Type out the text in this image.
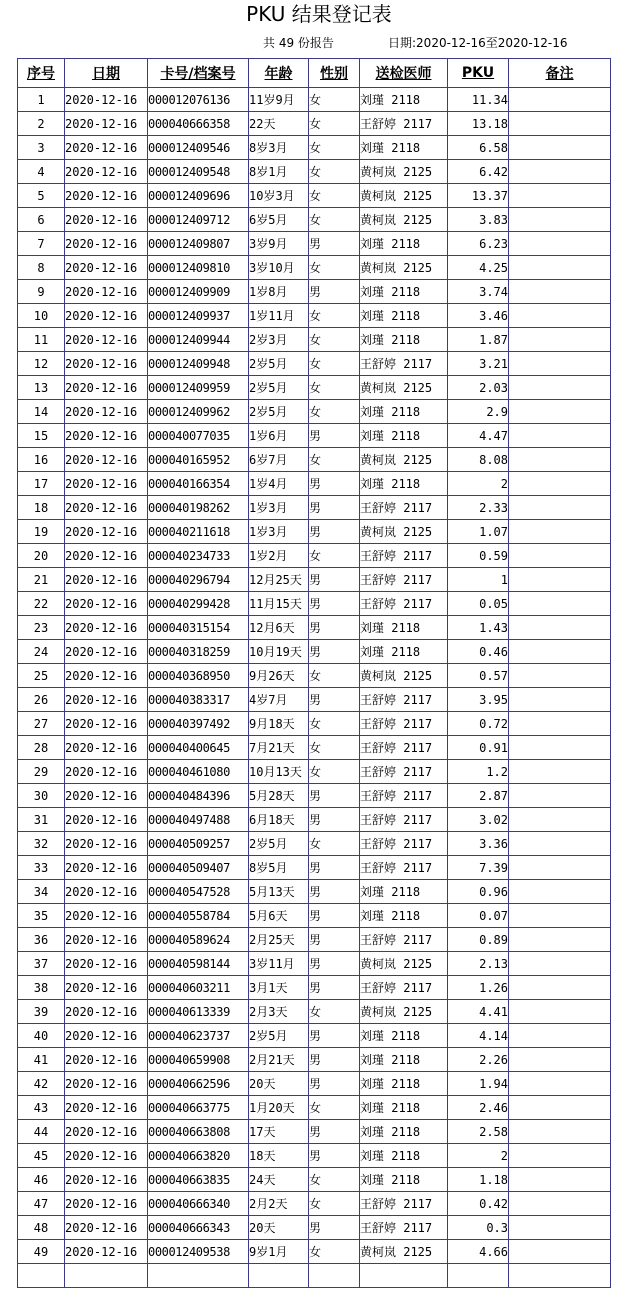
PKU 结果登记表
共 49 份报告	日期:2020-12-16至2020-12-16
序号	日期	卡号/档案号	年龄	性别	送检医师	PKU	备注
1	2020-12-16	000012076136	11岁9月	女	刘瑾 2118	11.34	
2	2020-12-16	000040666358	22天	女	王舒婷 2117	13.18	
3	2020-12-16	000012409546	8岁3月	女	刘瑾 2118	6.58	
4	2020-12-16	000012409548	8岁1月	女	黄柯岚 2125	6.42	
5	2020-12-16	000012409696	10岁3月	女	黄柯岚 2125	13.37	
6	2020-12-16	000012409712	6岁5月	女	黄柯岚 2125	3.83	
7	2020-12-16	000012409807	3岁9月	男	刘瑾 2118	6.23	
8	2020-12-16	000012409810	3岁10月	女	黄柯岚 2125	4.25	
9	2020-12-16	000012409909	1岁8月	男	刘瑾 2118	3.74	
10	2020-12-16	000012409937	1岁11月	女	刘瑾 2118	3.46	
11	2020-12-16	000012409944	2岁3月	女	刘瑾 2118	1.87	
12	2020-12-16	000012409948	2岁5月	女	王舒婷 2117	3.21	
13	2020-12-16	000012409959	2岁5月	女	黄柯岚 2125	2.03	
14	2020-12-16	000012409962	2岁5月	女	刘瑾 2118	2.9	
15	2020-12-16	000040077035	1岁6月	男	刘瑾 2118	4.47	
16	2020-12-16	000040165952	6岁7月	女	黄柯岚 2125	8.08	
17	2020-12-16	000040166354	1岁4月	男	刘瑾 2118	2	
18	2020-12-16	000040198262	1岁3月	男	王舒婷 2117	2.33	
19	2020-12-16	000040211618	1岁3月	男	黄柯岚 2125	1.07	
20	2020-12-16	000040234733	1岁2月	女	王舒婷 2117	0.59	
21	2020-12-16	000040296794	12月25天	男	王舒婷 2117	1	
22	2020-12-16	000040299428	11月15天	男	王舒婷 2117	0.05	
23	2020-12-16	000040315154	12月6天	男	刘瑾 2118	1.43	
24	2020-12-16	000040318259	10月19天	男	刘瑾 2118	0.46	
25	2020-12-16	000040368950	9月26天	女	黄柯岚 2125	0.57	
26	2020-12-16	000040383317	4岁7月	男	王舒婷 2117	3.95	
27	2020-12-16	000040397492	9月18天	女	王舒婷 2117	0.72	
28	2020-12-16	000040400645	7月21天	女	王舒婷 2117	0.91	
29	2020-12-16	000040461080	10月13天	女	王舒婷 2117	1.2	
30	2020-12-16	000040484396	5月28天	男	王舒婷 2117	2.87	
31	2020-12-16	000040497488	6月18天	男	王舒婷 2117	3.02	
32	2020-12-16	000040509257	2岁5月	女	王舒婷 2117	3.36	
33	2020-12-16	000040509407	8岁5月	男	王舒婷 2117	7.39	
34	2020-12-16	000040547528	5月13天	男	刘瑾 2118	0.96	
35	2020-12-16	000040558784	5月6天	男	刘瑾 2118	0.07	
36	2020-12-16	000040589624	2月25天	男	王舒婷 2117	0.89	
37	2020-12-16	000040598144	3岁11月	男	黄柯岚 2125	2.13	
38	2020-12-16	000040603211	3月1天	男	王舒婷 2117	1.26	
39	2020-12-16	000040613339	2月3天	女	黄柯岚 2125	4.41	
40	2020-12-16	000040623737	2岁5月	男	刘瑾 2118	4.14	
41	2020-12-16	000040659908	2月21天	男	刘瑾 2118	2.26	
42	2020-12-16	000040662596	20天	男	刘瑾 2118	1.94	
43	2020-12-16	000040663775	1月20天	女	刘瑾 2118	2.46	
44	2020-12-16	000040663808	17天	男	刘瑾 2118	2.58	
45	2020-12-16	000040663820	18天	男	刘瑾 2118	2	
46	2020-12-16	000040663835	24天	女	刘瑾 2118	1.18	
47	2020-12-16	000040666340	2月2天	女	王舒婷 2117	0.42	
48	2020-12-16	000040666343	20天	男	王舒婷 2117	0.3	
49	2020-12-16	000012409538	9岁1月	女	黄柯岚 2125	4.66	
